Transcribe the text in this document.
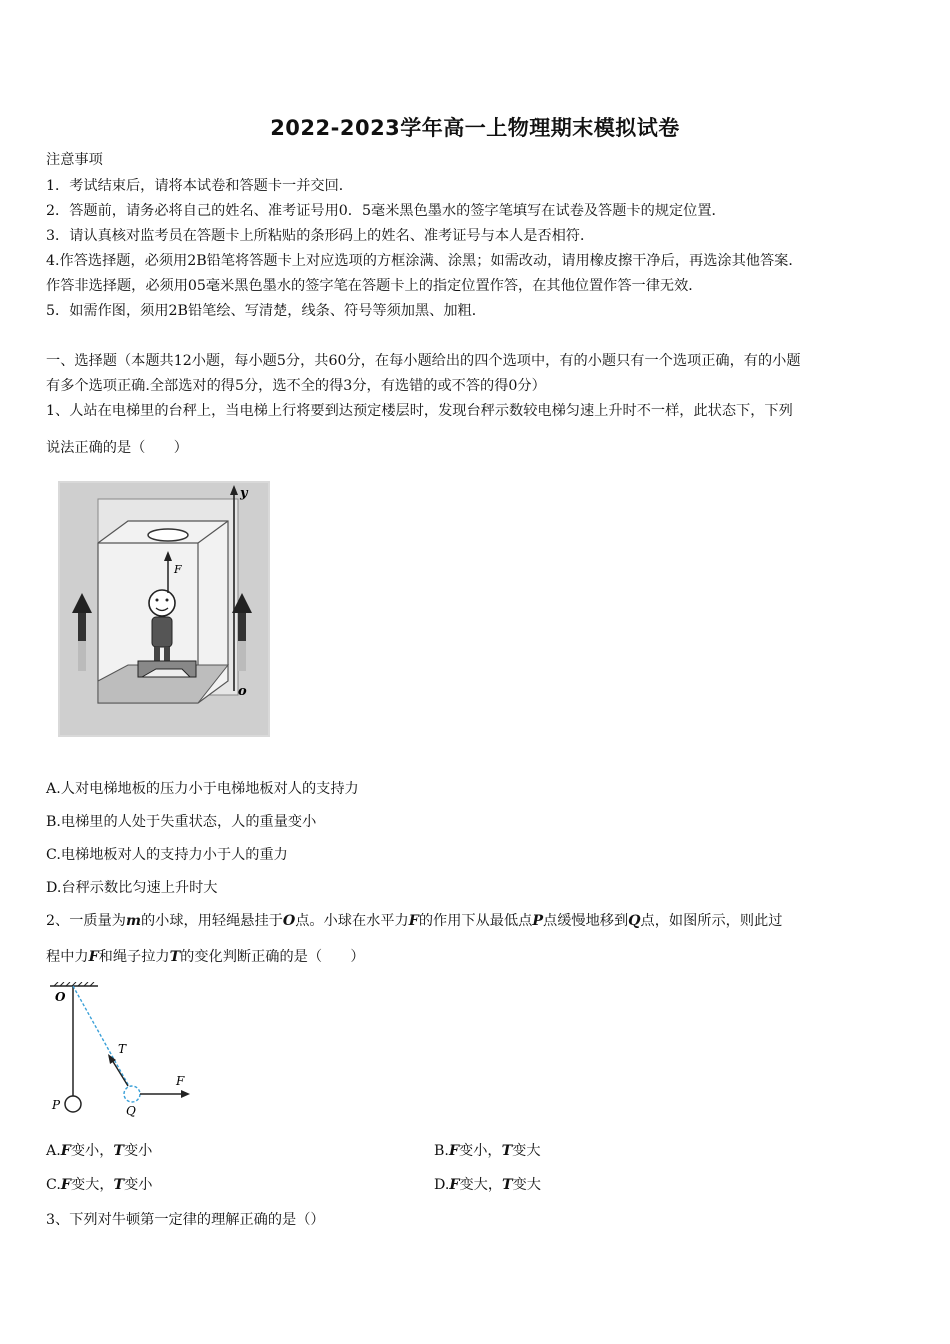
2022-2023学年高一上物理期末模拟试卷
注意事项
1．考试结束后，请将本试卷和答题卡一并交回．
2．答题前，请务必将自己的姓名、准考证号用0．5毫米黑色墨水的签字笔填写在试卷及答题卡的规定位置．
3．请认真核对监考员在答题卡上所粘贴的条形码上的姓名、准考证号与本人是否相符．
4.作答选择题，必须用2B铅笔将答题卡上对应选项的方框涂满、涂黑；如需改动，请用橡皮擦干净后，再选涂其他答案．
作答非选择题，必须用05毫米黑色墨水的签字笔在答题卡上的指定位置作答，在其他位置作答一律无效．
5．如需作图，须用2B铅笔绘、写清楚，线条、符号等须加黑、加粗．
一、选择题（本题共12小题，每小题5分，共60分，在每小题给出的四个选项中，有的小题只有一个选项正确，有的小题
有多个选项正确.全部选对的得5分，选不全的得3分，有选错的或不答的得0分）
1、人站在电梯里的台秤上，当电梯上行将要到达预定楼层时，发现台秤示数较电梯匀速上升时不一样，此状态下，下列
说法正确的是（　　）
F
y
o
A.人对电梯地板的压力小于电梯地板对人的支持力
B.电梯里的人处于失重状态，人的重量变小
C.电梯地板对人的支持力小于人的重力
D.台秤示数比匀速上升时大
2、一质量为m的小球，用轻绳悬挂于O点。小球在水平力F的作用下从最低点P点缓慢地移到Q点，如图所示，则此过
程中力F和绳子拉力T的变化判断正确的是（　　）
O
P	Q
T
F
A.F变小，T变小	B.F变小，T变大
C.F变大，T变小	D.F变大，T变大
3、下列对牛顿第一定律的理解正确的是（）
